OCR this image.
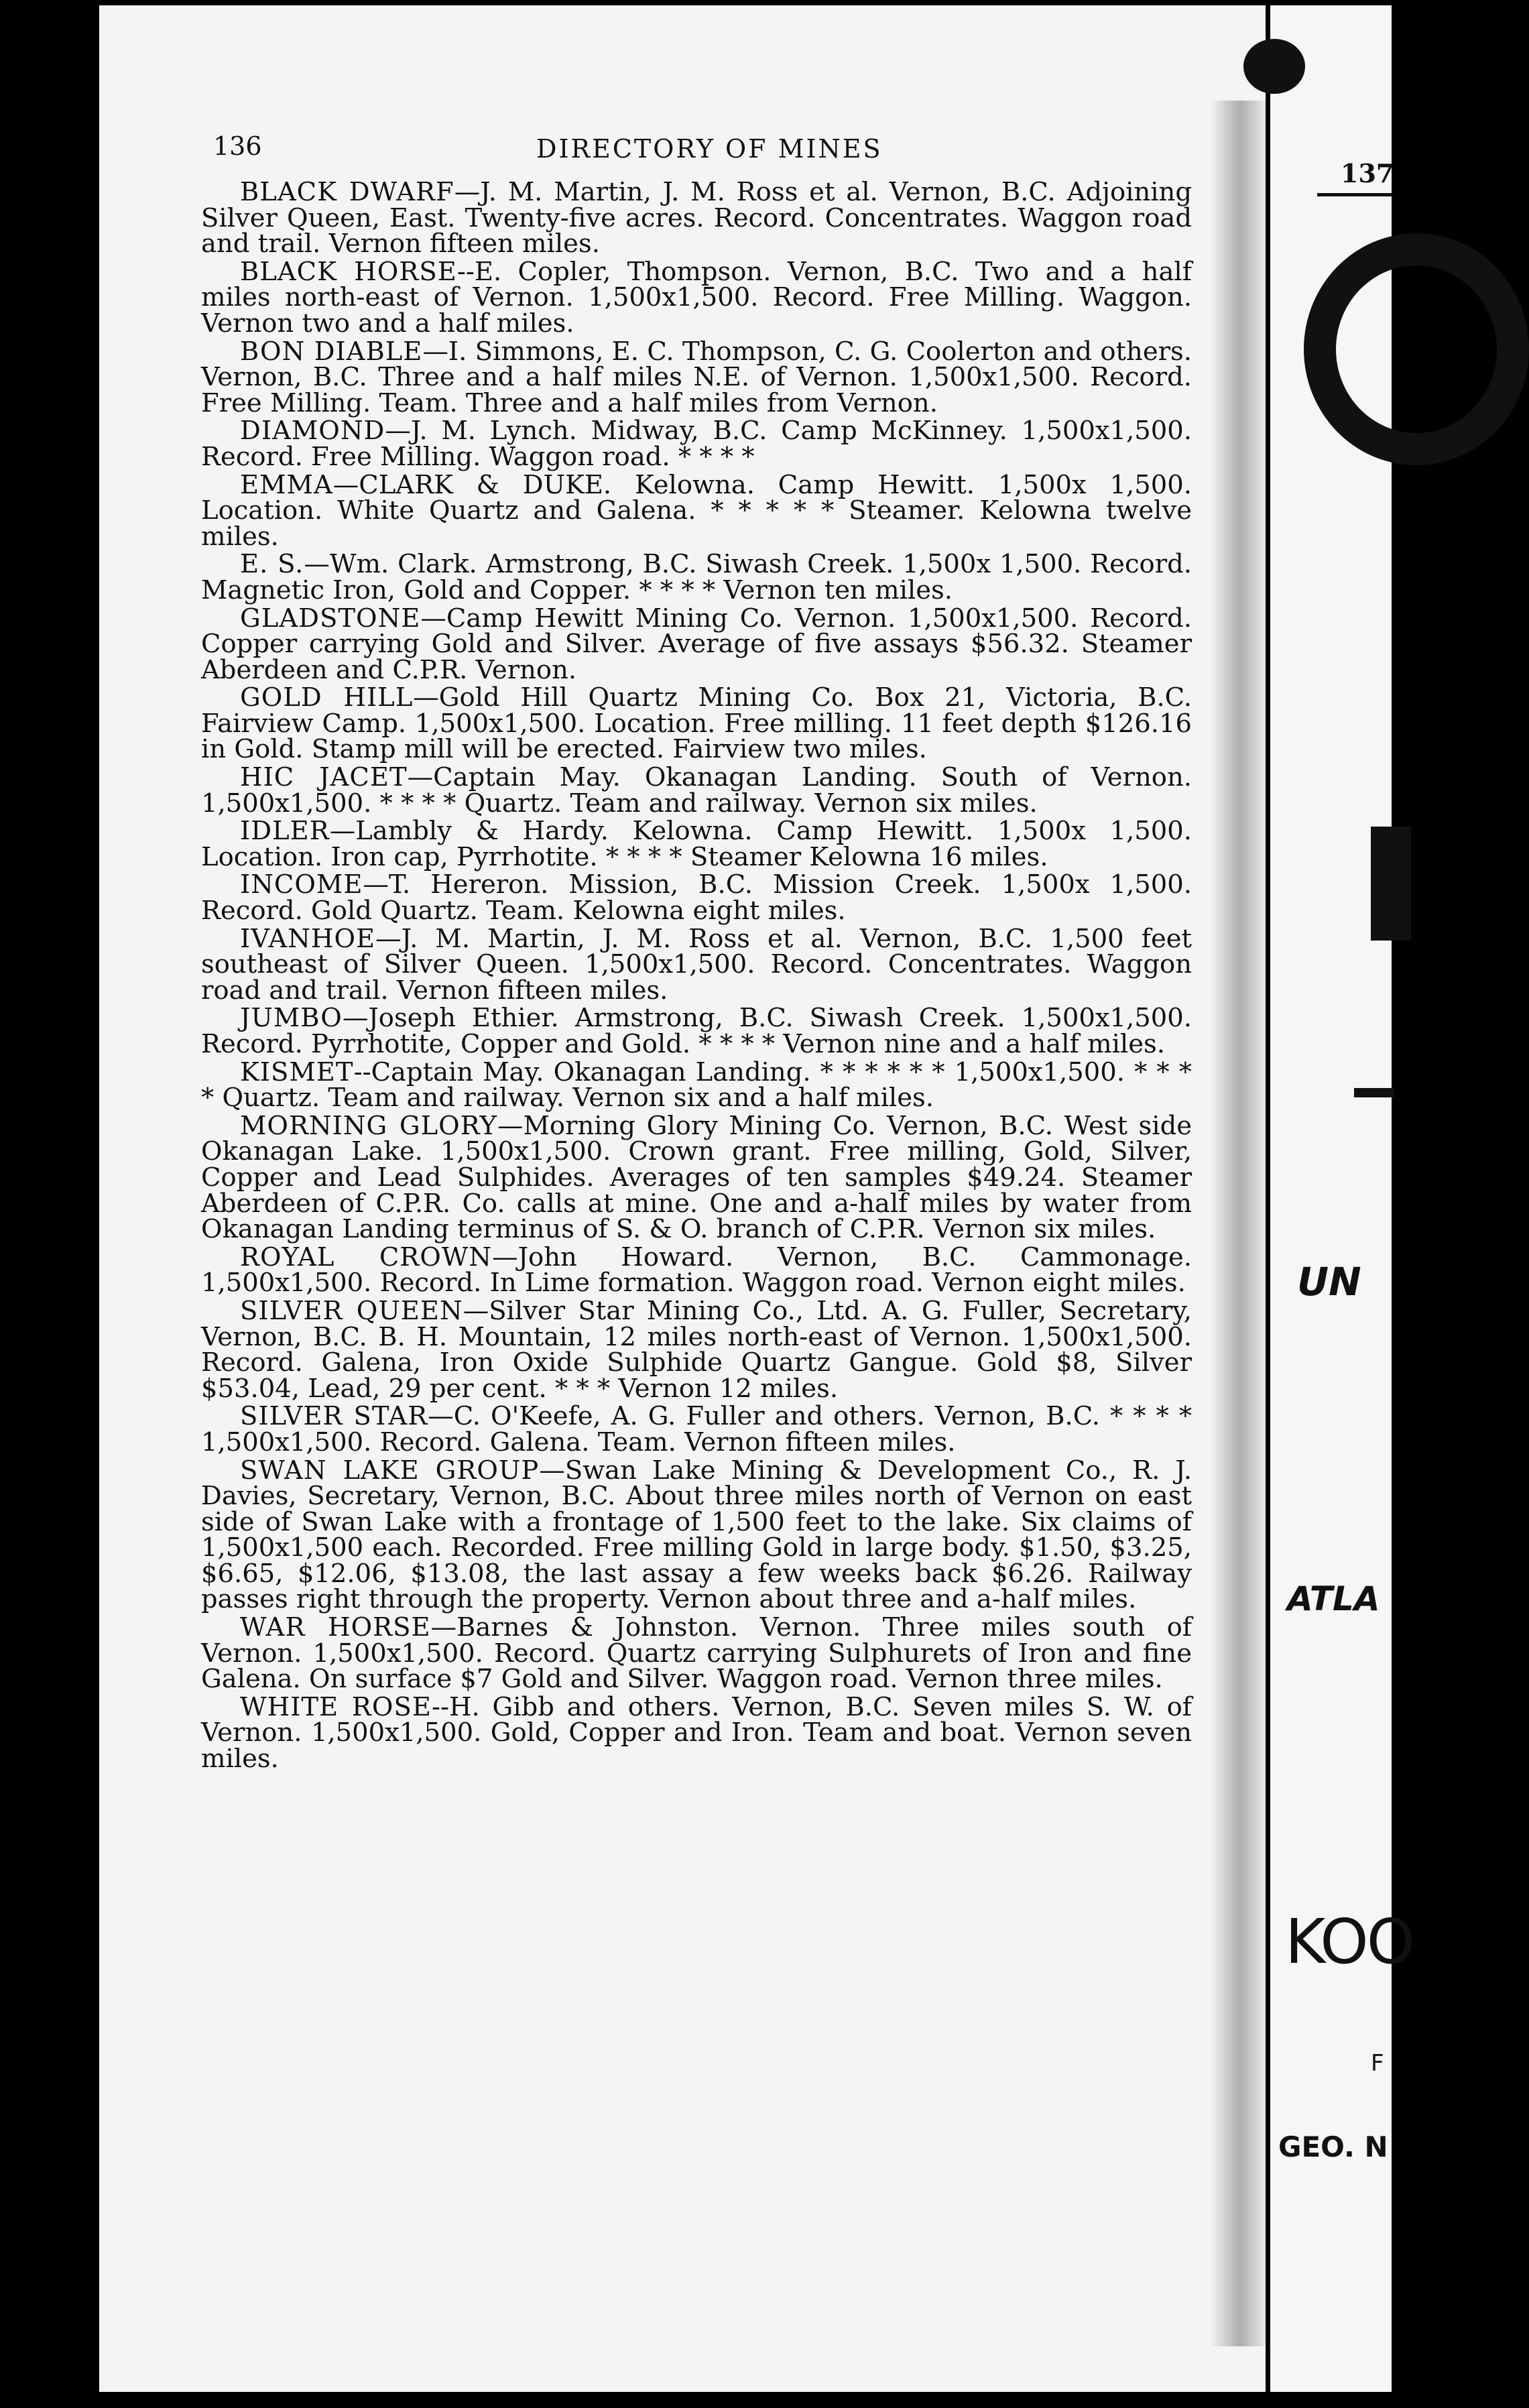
137
UN
ATLA
KOO
F
GEO. N
136	DIRECTORY OF MINES

BLACK DWARF—J. M. Martin, J. M. Ross et al. Vernon, B.C. Adjoining Silver Queen, East. Twenty-five acres. Record. Concentrates. Waggon road and trail. Vernon fifteen miles.

BLACK HORSE--E. Copler, Thompson. Vernon, B.C. Two and a half miles north-east of Vernon. 1,500x1,500. Record. Free Milling. Waggon. Vernon two and a half miles.

BON DIABLE—I. Simmons, E. C. Thompson, C. G. Coolerton and others. Vernon, B.C. Three and a half miles N.E. of Vernon. 1,500x1,500. Record. Free Milling. Team. Three and a half miles from Vernon.

DIAMOND—J. M. Lynch. Midway, B.C. Camp McKinney. 1,500x1,500. Record. Free Milling. Waggon road. * * * *

EMMA—CLARK & DUKE. Kelowna. Camp Hewitt. 1,500x 1,500. Location. White Quartz and Galena. * * * * * Steamer. Kelowna twelve miles.

E. S.—Wm. Clark. Armstrong, B.C. Siwash Creek. 1,500x 1,500. Record. Magnetic Iron, Gold and Copper. * * * * Vernon ten miles.

GLADSTONE—Camp Hewitt Mining Co. Vernon. 1,500x1,500. Record. Copper carrying Gold and Silver. Average of five assays $56.32. Steamer Aberdeen and C.P.R. Vernon.

GOLD HILL—Gold Hill Quartz Mining Co. Box 21, Victoria, B.C. Fairview Camp. 1,500x1,500. Location. Free milling. 11 feet depth $126.16 in Gold. Stamp mill will be erected. Fairview two miles.

HIC JACET—Captain May. Okanagan Landing. South of Vernon. 1,500x1,500. * * * * Quartz. Team and railway. Vernon six miles.

IDLER—Lambly & Hardy. Kelowna. Camp Hewitt. 1,500x 1,500. Location. Iron cap, Pyrrhotite. * * * * Steamer Kelowna 16 miles.

INCOME—T. Hereron. Mission, B.C. Mission Creek. 1,500x 1,500. Record. Gold Quartz. Team. Kelowna eight miles.

IVANHOE—J. M. Martin, J. M. Ross et al. Vernon, B.C. 1,500 feet southeast of Silver Queen. 1,500x1,500. Record. Concentrates. Waggon road and trail. Vernon fifteen miles.

JUMBO—Joseph Ethier. Armstrong, B.C. Siwash Creek. 1,500x1,500. Record. Pyrrhotite, Copper and Gold. * * * * Vernon nine and a half miles.

KISMET--Captain May. Okanagan Landing. * * * * * * 1,500x1,500. * * * * Quartz. Team and railway. Vernon six and a half miles.

MORNING GLORY—Morning Glory Mining Co. Vernon, B.C. West side Okanagan Lake. 1,500x1,500. Crown grant. Free milling, Gold, Silver, Copper and Lead Sulphides. Averages of ten samples $49.24. Steamer Aberdeen of C.P.R. Co. calls at mine. One and a-half miles by water from Okanagan Landing terminus of S. & O. branch of C.P.R. Vernon six miles.

ROYAL CROWN—John Howard. Vernon, B.C. Cammonage. 1,500x1,500. Record. In Lime formation. Waggon road. Vernon eight miles.

SILVER QUEEN—Silver Star Mining Co., Ltd. A. G. Fuller, Secretary, Vernon, B.C. B. H. Mountain, 12 miles north-east of Vernon. 1,500x1,500. Record. Galena, Iron Oxide Sulphide Quartz Gangue. Gold $8, Silver $53.04, Lead, 29 per cent. * * * Vernon 12 miles.

SILVER STAR—C. O'Keefe, A. G. Fuller and others. Vernon, B.C. * * * * 1,500x1,500. Record. Galena. Team. Vernon fifteen miles.

SWAN LAKE GROUP—Swan Lake Mining & Development Co., R. J. Davies, Secretary, Vernon, B.C. About three miles north of Vernon on east side of Swan Lake with a frontage of 1,500 feet to the lake. Six claims of 1,500x1,500 each. Recorded. Free milling Gold in large body. $1.50, $3.25, $6.65, $12.06, $13.08, the last assay a few weeks back $6.26. Railway passes right through the property. Vernon about three and a-half miles.

WAR HORSE—Barnes & Johnston. Vernon. Three miles south of Vernon. 1,500x1,500. Record. Quartz carrying Sulphurets of Iron and fine Galena. On surface $7 Gold and Silver. Waggon road. Vernon three miles.

WHITE ROSE--H. Gibb and others. Vernon, B.C. Seven miles S. W. of Vernon. 1,500x1,500. Gold, Copper and Iron. Team and boat. Vernon seven miles.
